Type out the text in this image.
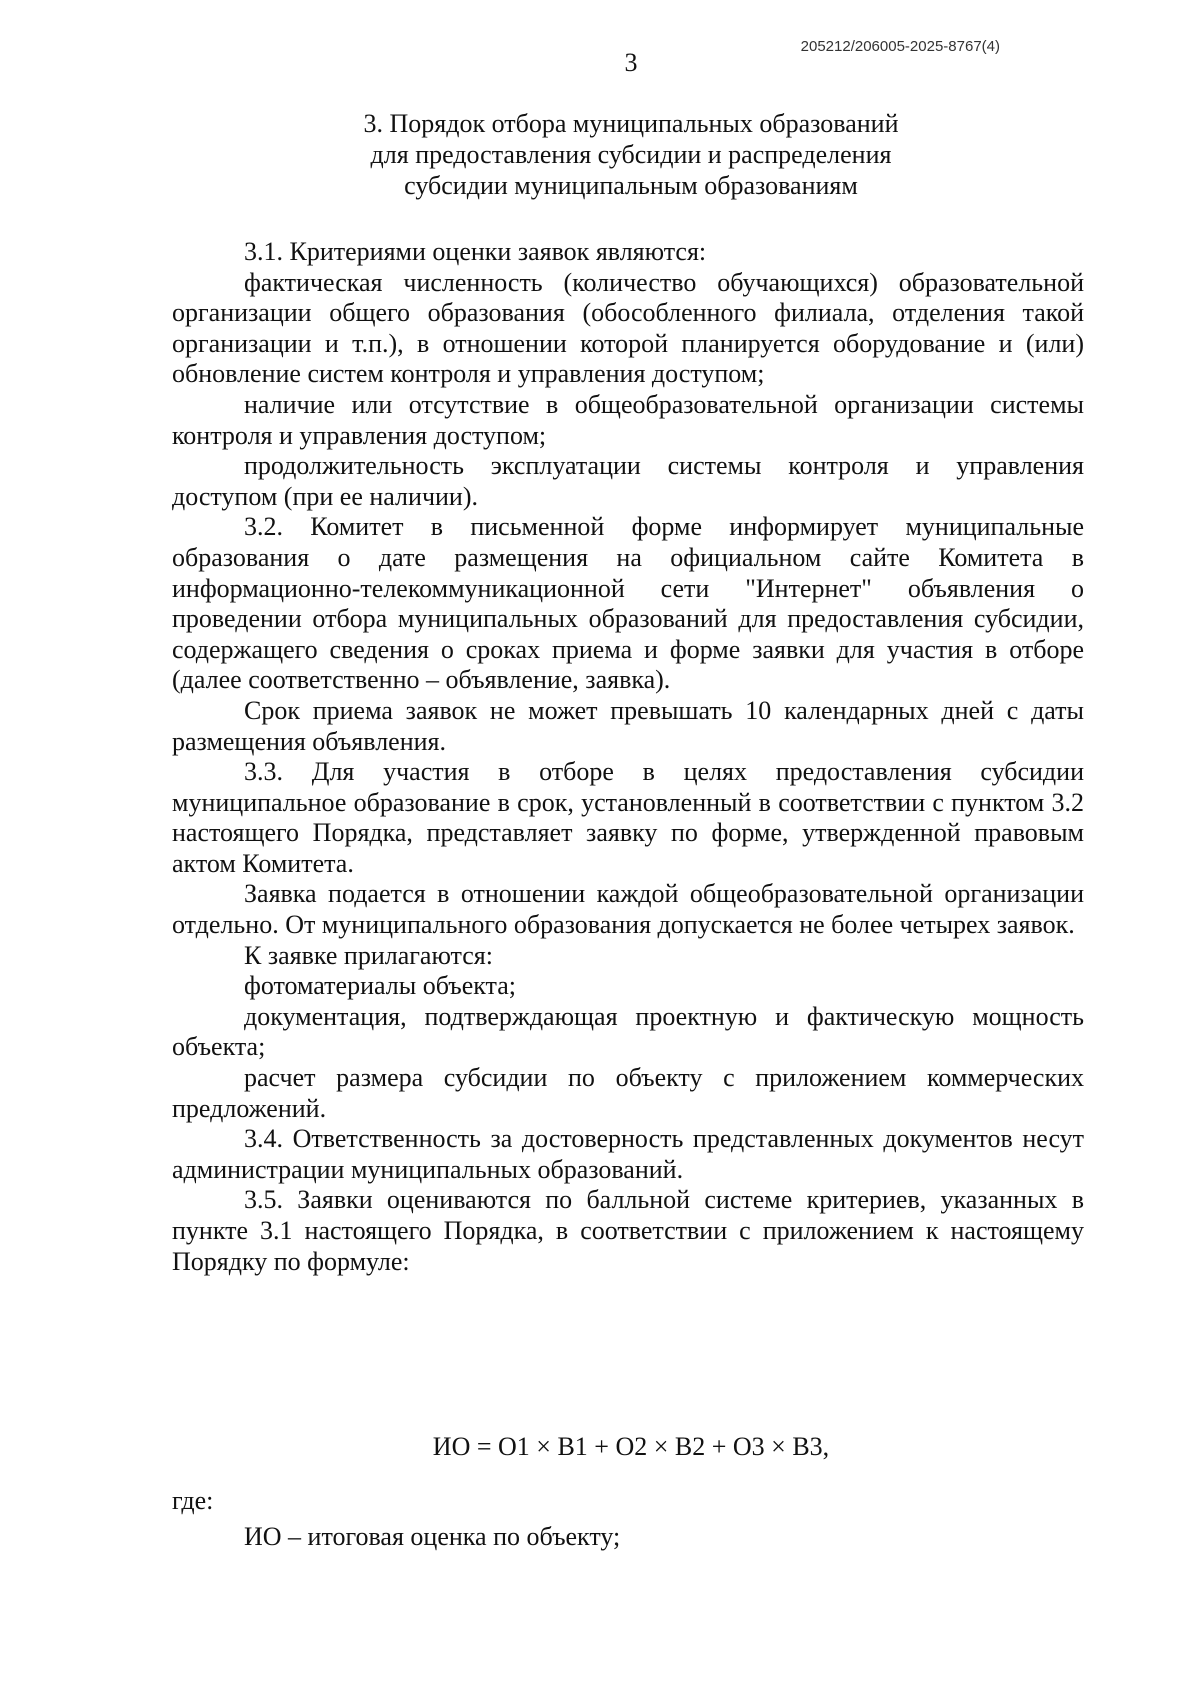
205212/206005-2025-8767(4)
3
3. Порядок отбора муниципальных образований
для предоставления субсидии и распределения
субсидии муниципальным образованиям

3.1. Критериями оценки заявок являются:

фактическая численность (количество обучающихся) образовательной организации общего образования (обособленного филиала, отделения такой организации и т.п.), в отношении которой планируется оборудование и (или) обновление систем контроля и управления доступом;

наличие или отсутствие в общеобразовательной организации системы контроля и управления доступом;

продолжительность эксплуатации системы контроля и управления доступом (при ее наличии).

3.2. Комитет в письменной форме информирует муниципальные образования о дате размещения на официальном сайте Комитета в информационно-телекоммуникационной сети "Интернет" объявления о проведении отбора муниципальных образований для предоставления субсидии, содержащего сведения о сроках приема и форме заявки для участия в отборе (далее соответственно – объявление, заявка).

Срок приема заявок не может превышать 10 календарных дней с даты размещения объявления.

3.3. Для участия в отборе в целях предоставления субсидии муниципальное образование в срок, установленный в соответствии с пунктом 3.2 настоящего Порядка, представляет заявку по форме, утвержденной правовым актом Комитета.

Заявка подается в отношении каждой общеобразовательной организации отдельно. От муниципального образования допускается не более четырех заявок.

К заявке прилагаются:

фотоматериалы объекта;

документация, подтверждающая проектную и фактическую мощность объекта;

расчет размера субсидии по объекту с приложением коммерческих предложений.

3.4. Ответственность за достоверность представленных документов несут администрации муниципальных образований.

3.5. Заявки оцениваются по балльной системе критериев, указанных в пункте 3.1 настоящего Порядка, в соответствии с приложением к настоящему Порядку по формуле:

ИО = О1 × В1 + О2 × В2 + О3 × В3,
где:
ИО – итоговая оценка по объекту;
